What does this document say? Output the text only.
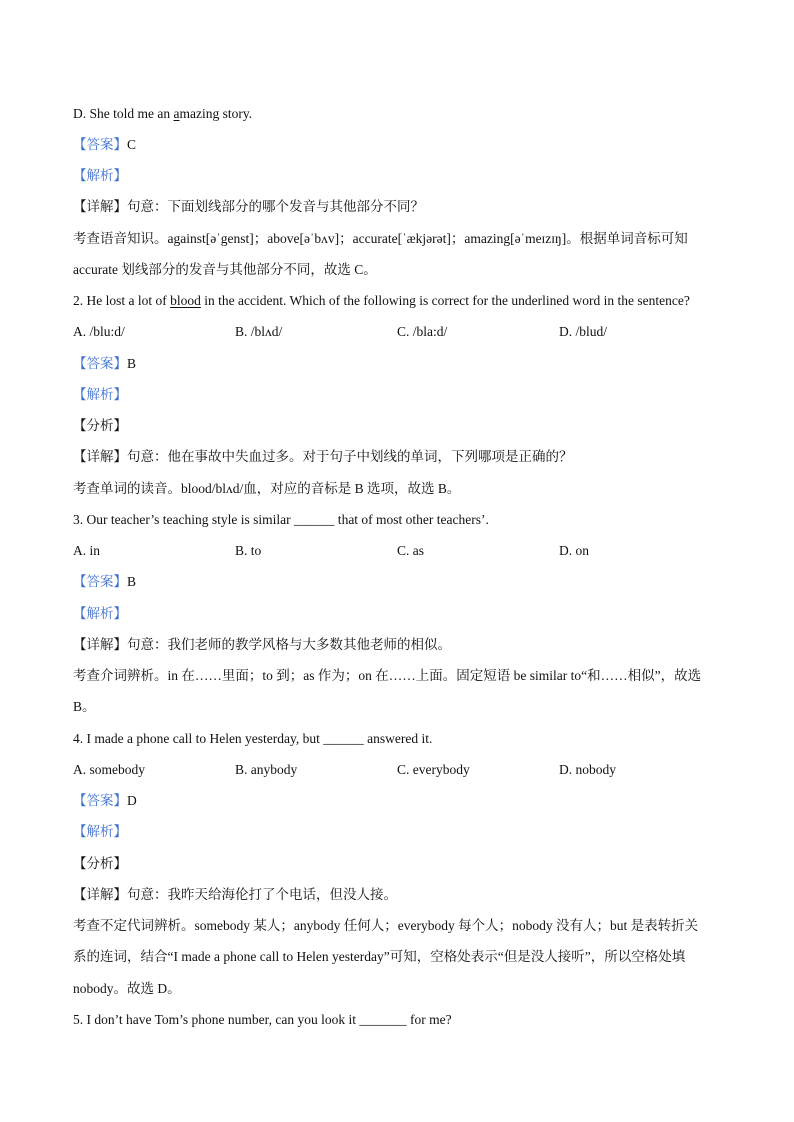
D. She told me an amazing story.
【答案】C
【解析】
【详解】句意：下面划线部分的哪个发音与其他部分不同？
考查语音知识。against[əˈgenst]；above[əˈbʌv]；accurate[ˈækjərət]；amazing[əˈmeɪzɪŋ]。根据单词音标可知
accurate 划线部分的发音与其他部分不同，故选 C。
2. He lost a lot of blood in the accident. Which of the following is correct for the underlined word in the sentence?
A. /blu:d/	B. /blʌd/	C. /bla:d/	D. /blud/
【答案】B
【解析】
【分析】
【详解】句意：他在事故中失血过多。对于句子中划线的单词，下列哪项是正确的？
考查单词的读音。blood/blʌd/血，对应的音标是 B 选项，故选 B。
3. Our teacher’s teaching style is similar ______ that of most other teachers’.
A. in	B. to	C. as	D. on
【答案】B
【解析】
【详解】句意：我们老师的教学风格与大多数其他老师的相似。
考查介词辨析。in 在……里面；to 到；as 作为；on 在……上面。固定短语 be similar to“和……相似”，故选
B。
4. I made a phone call to Helen yesterday, but ______ answered it.
A. somebody	B. anybody	C. everybody	D. nobody
【答案】D
【解析】
【分析】
【详解】句意：我昨天给海伦打了个电话，但没人接。
考查不定代词辨析。somebody 某人；anybody 任何人；everybody 每个人；nobody 没有人；but 是表转折关
系的连词，结合“I made a phone call to Helen yesterday”可知，空格处表示“但是没人接听”，所以空格处填
nobody。故选 D。
5. I don’t have Tom’s phone number, can you look it _______ for me?
